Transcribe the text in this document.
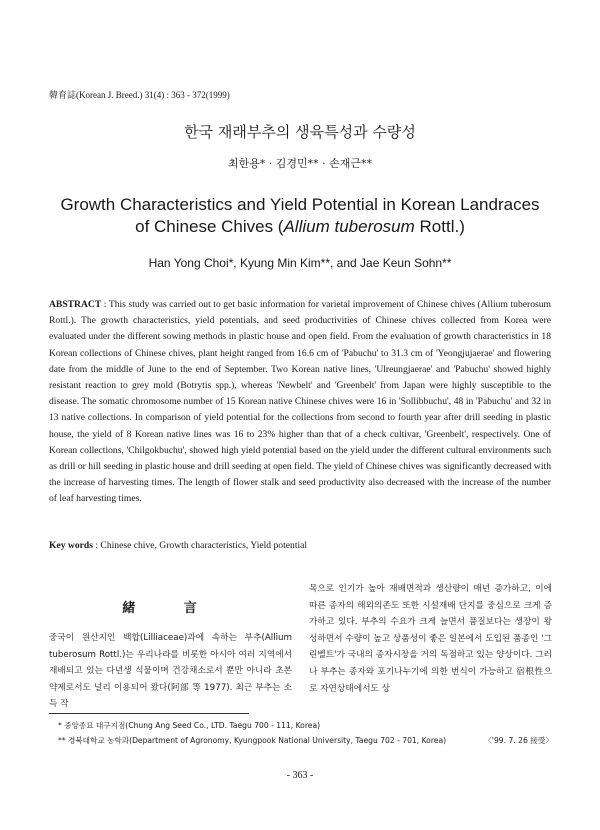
韓育誌(Korean J. Breed.) 31(4) : 363 - 372(1999)
한국 재래부추의 생육특성과 수량성
최한용* · 김경민** · 손재근**
Growth Characteristics and Yield Potential in Korean Landraces
of Chinese Chives (Allium tuberosum Rottl.)
Han Yong Choi*, Kyung Min Kim**, and Jae Keun Sohn**
ABSTRACT : This study was carried out to get basic information for varietal improvement of Chinese chives (Allium tuberosum Rottl.). The growth characteristics, yield potentials, and seed productivities of Chinese chives collected from Korea were evaluated under the different sowing methods in plastic house and open field. From the evaluation of growth characteristics in 18 Korean collections of Chinese chives, plant height ranged from 16.6 cm of 'Pabuchu' to 31.3 cm of 'Yeongjujaerae' and flowering date from the middle of June to the end of September. Two Korean native lines, 'Ulreungjaerae' and 'Pabuchu' showed highly resistant reaction to grey mold (Botrytis spp.), whereas 'Newbelt' and 'Greenbelt' from Japan were highly susceptible to the disease. The somatic chromosome number of 15 Korean native Chinese chives were 16 in 'Sollibbuchu', 48 in 'Pabuchu' and 32 in 13 native collections. In comparison of yield potential for the collections from second to fourth year after drill seeding in plastic house, the yield of 8 Korean native lines was 16 to 23% higher than that of a check cultivar, 'Greenbelt', respectively. One of Korean collections, 'Chilgokbuchu', showed high yield potential based on the yield under the different cultural environments such as drill or hill seeding in plastic house and drill seeding at open field. The yield of Chinese chives was significantly decreased with the increase of harvesting times. The length of flower stalk and seed productivity also decreased with the increase of the number of leaf harvesting times.
Key words : Chinese chive, Growth characteristics, Yield potential
緒 言

중국이 원산지인 백합(Lilliaceae)과에 속하는 부추(Allium tuberosum Rottl.)는 우리나라를 비롯한 아시아 여러 지역에서 재배되고 있는 다년생 식물이며 건강채소로서 뿐만 아니라 초본약제로서도 널리 이용되어 왔다(阿部 等 1977). 최근 부추는 소득 작

목으로 인기가 높아 재배면적과 생산량이 매년 증가하고, 이에 따른 종자의 해외의존도 또한 시설재배 단지를 중심으로 크게 증가하고 있다. 부추의 수요가 크게 늘면서 품질보다는 생장이 왕성하면서 수량이 높고 상품성이 좋은 일본에서 도입된 품종인 '그린벨트'가 국내의 종자시장을 거의 독점하고 있는 양상이다. 그러나 부추는 종자와 포기나누기에 의한 번식이 가능하고 宿根性으로 자연상태에서도 상

* 중앙종묘 대구지점(Chung Ang Seed Co., LTD. Taegu 700 - 111, Korea)
** 경북대학교 농학과(Department of Agronomy, Kyungpook National University, Taegu 702 - 701, Korea)	〈'99. 7. 26 接受〉
- 363 -
